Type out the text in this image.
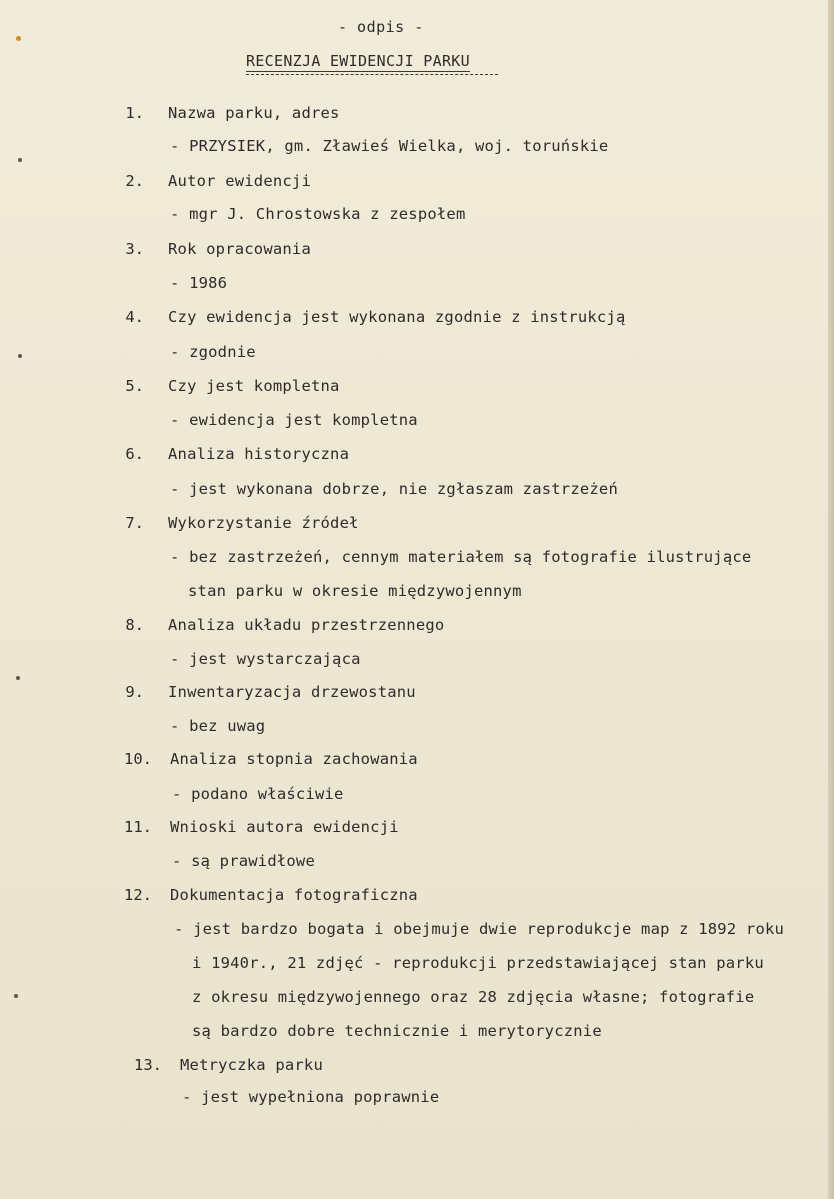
- odpis -
RECENZJA EWIDENCJI PARKU
1. Nazwa parku, adres
- PRZYSIEK, gm. Zławieś Wielka, woj. toruńskie
2. Autor ewidencji
- mgr J. Chrostowska z zespołem
3. Rok opracowania
- 1986
4. Czy ewidencja jest wykonana zgodnie z instrukcją
- zgodnie
5. Czy jest kompletna
- ewidencja jest kompletna
6. Analiza historyczna
- jest wykonana dobrze, nie zgłaszam zastrzeżeń
7. Wykorzystanie źródeł
- bez zastrzeżeń, cennym materiałem są fotografie ilustrujące
stan parku w okresie międzywojennym
8. Analiza układu przestrzennego
- jest wystarczająca
9. Inwentaryzacja drzewostanu
- bez uwag
10. Analiza stopnia zachowania
- podano właściwie
11. Wnioski autora ewidencji
- są prawidłowe
12. Dokumentacja fotograficzna
- jest bardzo bogata i obejmuje dwie reprodukcje map z 1892 roku
i 1940r., 21 zdjęć - reprodukcji przedstawiającej stan parku
z okresu międzywojennego oraz 28 zdjęcia własne; fotografie
są bardzo dobre technicznie i merytorycznie
13. Metryczka parku
- jest wypełniona poprawnie
